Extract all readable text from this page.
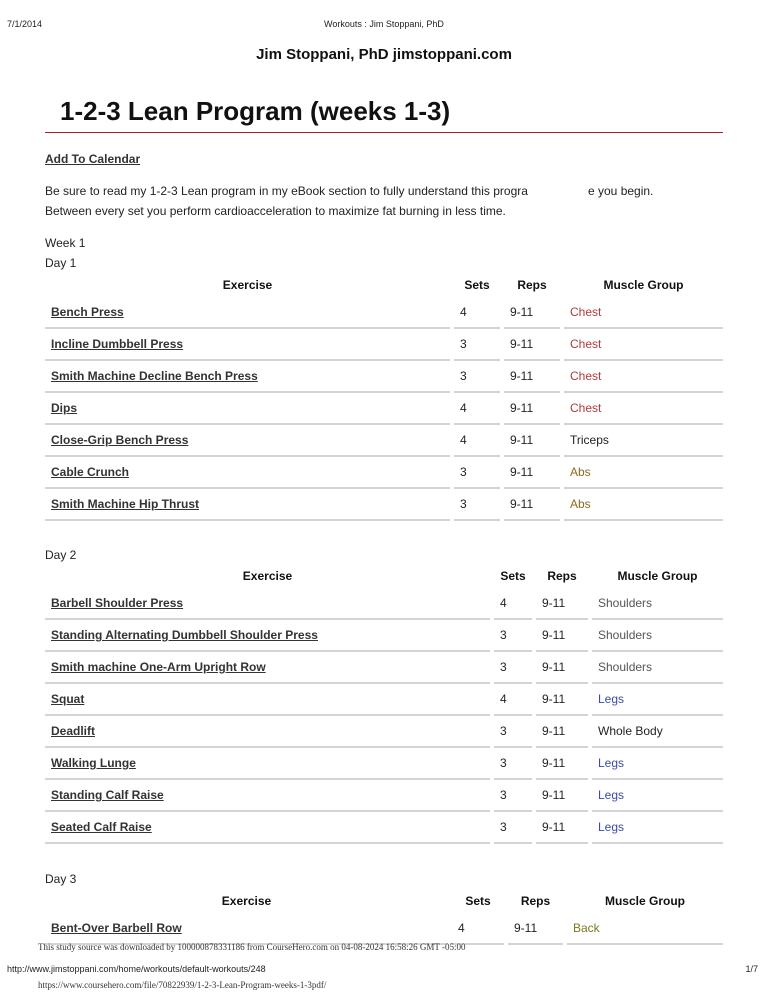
7/1/2014	Workouts : Jim Stoppani, PhD
Jim Stoppani, PhD jimstoppani.com
1-2-3 Lean Program (weeks 1-3)
Add To Calendar
Be sure to read my 1-2-3 Lean program in my eBook section to fully understand this progra	e you begin.
Between every set you perform cardioacceleration to maximize fat burning in less time.
Week 1
Day 1
Exercise		Sets		Reps		Muscle Group
Bench Press		4		9-11		Chest
Incline Dumbbell Press		3		9-11		Chest
Smith Machine Decline Bench Press		3		9-11		Chest
Dips		4		9-11		Chest
Close-Grip Bench Press		4		9-11		Triceps
Cable Crunch		3		9-11		Abs
Smith Machine Hip Thrust		3		9-11		Abs
Day 2
Exercise		Sets		Reps		Muscle Group
Barbell Shoulder Press		4		9-11		Shoulders
Standing Alternating Dumbbell Shoulder Press		3		9-11		Shoulders
Smith machine One-Arm Upright Row		3		9-11		Shoulders
Squat		4		9-11		Legs
Deadlift		3		9-11		Whole Body
Walking Lunge		3		9-11		Legs
Standing Calf Raise		3		9-11		Legs
Seated Calf Raise		3		9-11		Legs
Day 3
Exercise		Sets		Reps		Muscle Group
Bent-Over Barbell Row		4		9-11		Back
This study source was downloaded by 100000878331186 from CourseHero.com on 04-08-2024 16:58:26 GMT -05:00
http://www.jimstoppani.com/home/workouts/default-workouts/248	1/7
https://www.coursehero.com/file/70822939/1-2-3-Lean-Program-weeks-1-3pdf/
